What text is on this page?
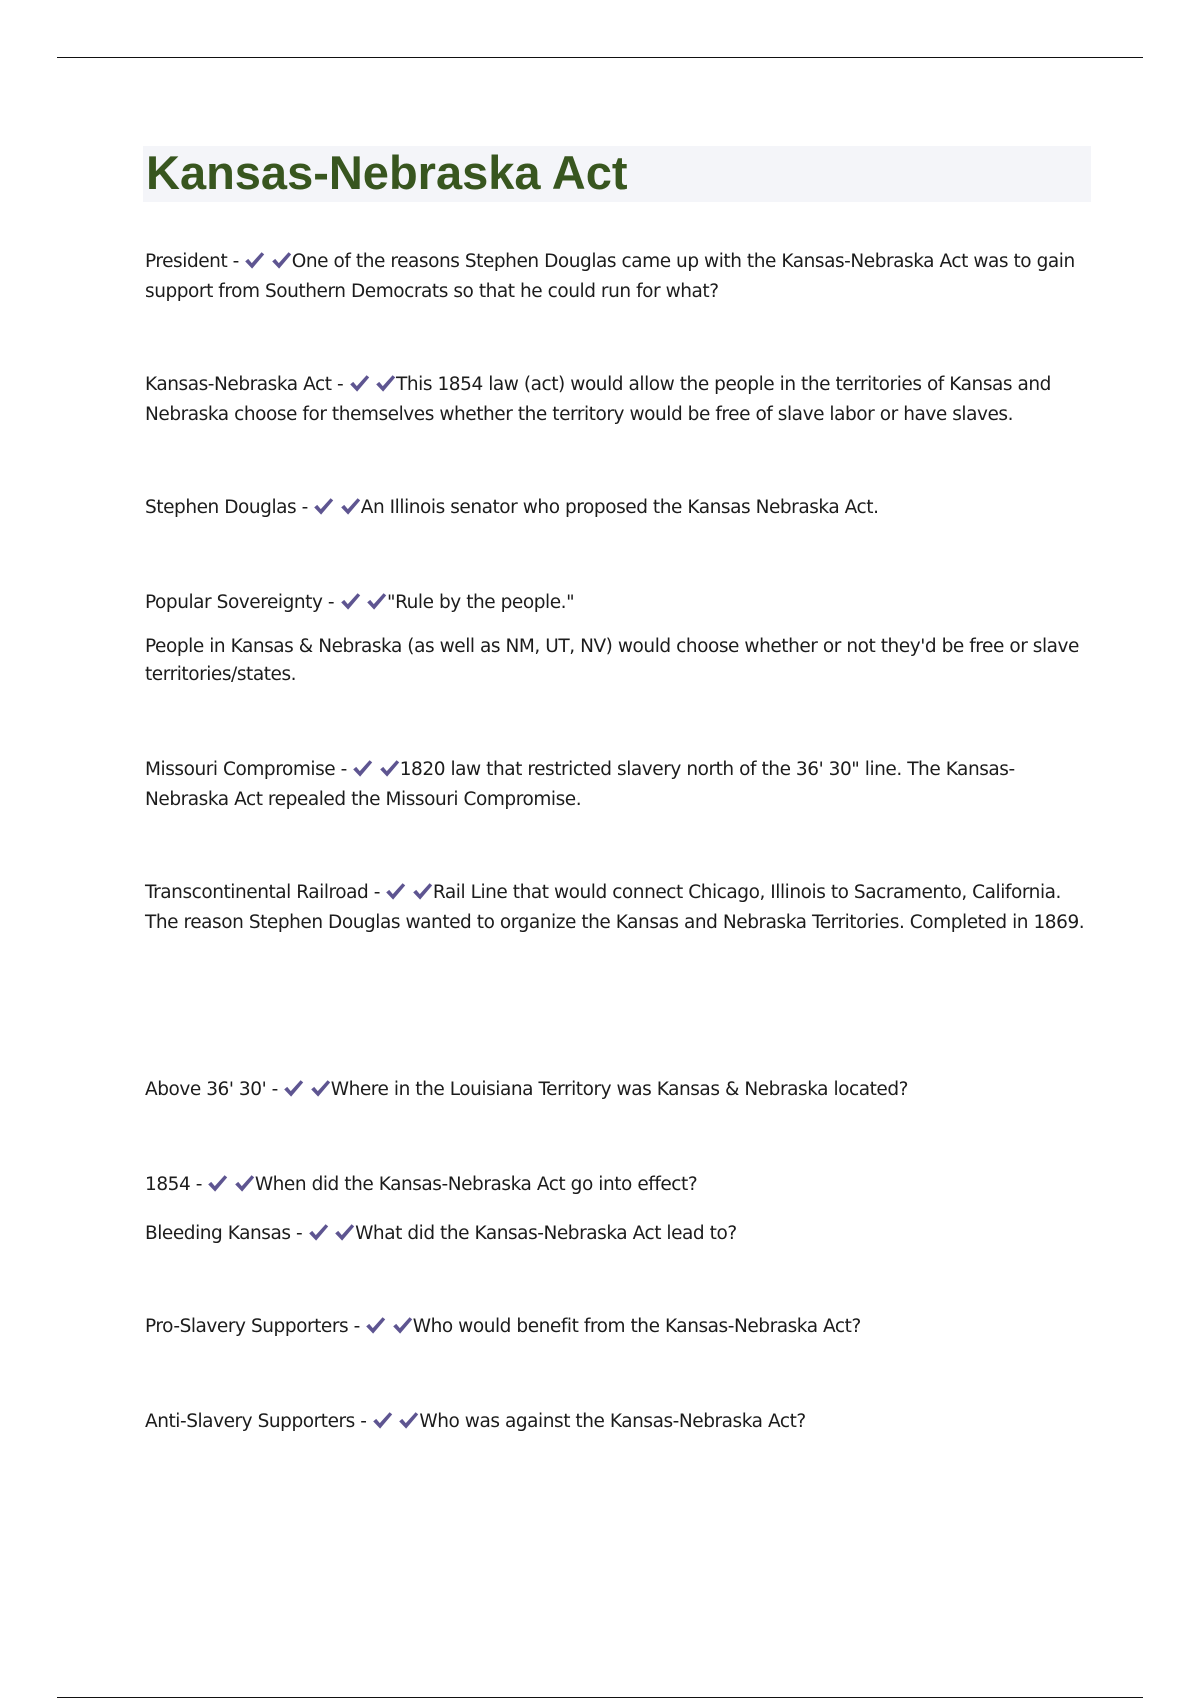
Kansas-Nebraska Act

President -
	One of the reasons Stephen Douglas came up with the Kansas-Nebraska Act was to gain support from Southern Democrats so that he could run for what?

Kansas-Nebraska Act -
	This 1854 law (act) would allow the people in the territories of Kansas and Nebraska choose for themselves whether the territory would be free of slave labor or have slaves.

Stephen Douglas -
	An Illinois senator who proposed the Kansas Nebraska Act.

Popular Sovereignty -
	"Rule by the people."

People in Kansas & Nebraska (as well as NM, UT, NV) would choose whether or not they'd be free or slave territories/states.

Missouri Compromise -
	1820 law that restricted slavery north of the 36' 30" line. The Kansas-Nebraska Act repealed the Missouri Compromise.

Transcontinental Railroad -
	Rail Line that would connect Chicago, Illinois to Sacramento, California. The reason Stephen Douglas wanted to organize the Kansas and Nebraska Territories. Completed in 1869.

Above 36' 30' -
	Where in the Louisiana Territory was Kansas & Nebraska located?

1854 -
	When did the Kansas-Nebraska Act go into effect?

Bleeding Kansas -
	What did the Kansas-Nebraska Act lead to?

Pro-Slavery Supporters -
	Who would benefit from the Kansas-Nebraska Act?

Anti-Slavery Supporters -
	Who was against the Kansas-Nebraska Act?
